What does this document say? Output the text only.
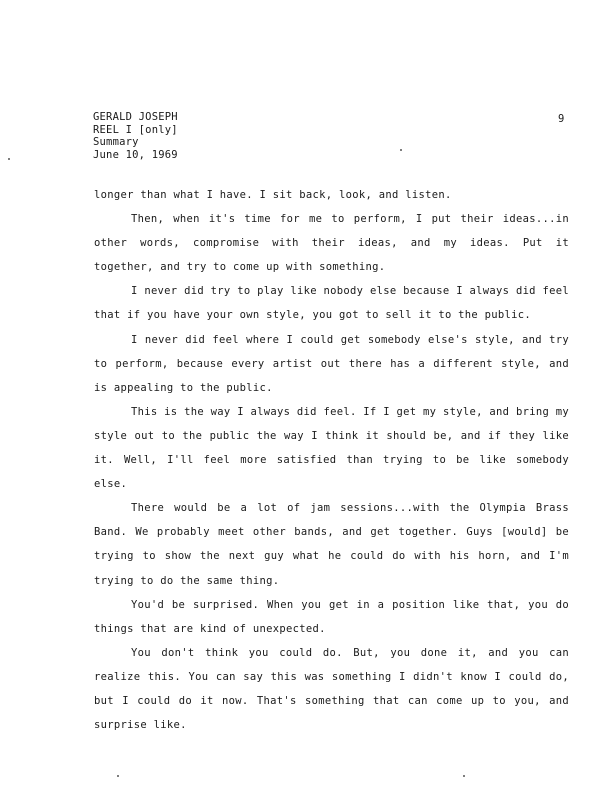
GERALD JOSEPH
REEL I [only]
Summary
June 10, 1969
9

longer than what I have. I sit back, look, and listen.

Then, when it's time for me to perform, I put their ideas...in other words, compromise with their ideas, and my ideas. Put it together, and try to come up with something.

I never did try to play like nobody else because I always did feel that if you have your own style, you got to sell it to the public.

I never did feel where I could get somebody else's style, and try to perform, because every artist out there has a different style, and is appealing to the public.

This is the way I always did feel. If I get my style, and bring my style out to the public the way I think it should be, and if they like it. Well, I'll feel more satisfied than trying to be like somebody else.

There would be a lot of jam sessions...with the Olympia Brass Band. We probably meet other bands, and get together. Guys [would] be trying to show the next guy what he could do with his horn, and I'm trying to do the same thing.

You'd be surprised. When you get in a position like that, you do things that are kind of unexpected.

You don't think you could do. But, you done it, and you can realize this. You can say this was something I didn't know I could do, but I could do it now. That's something that can come up to you, and surprise like.
